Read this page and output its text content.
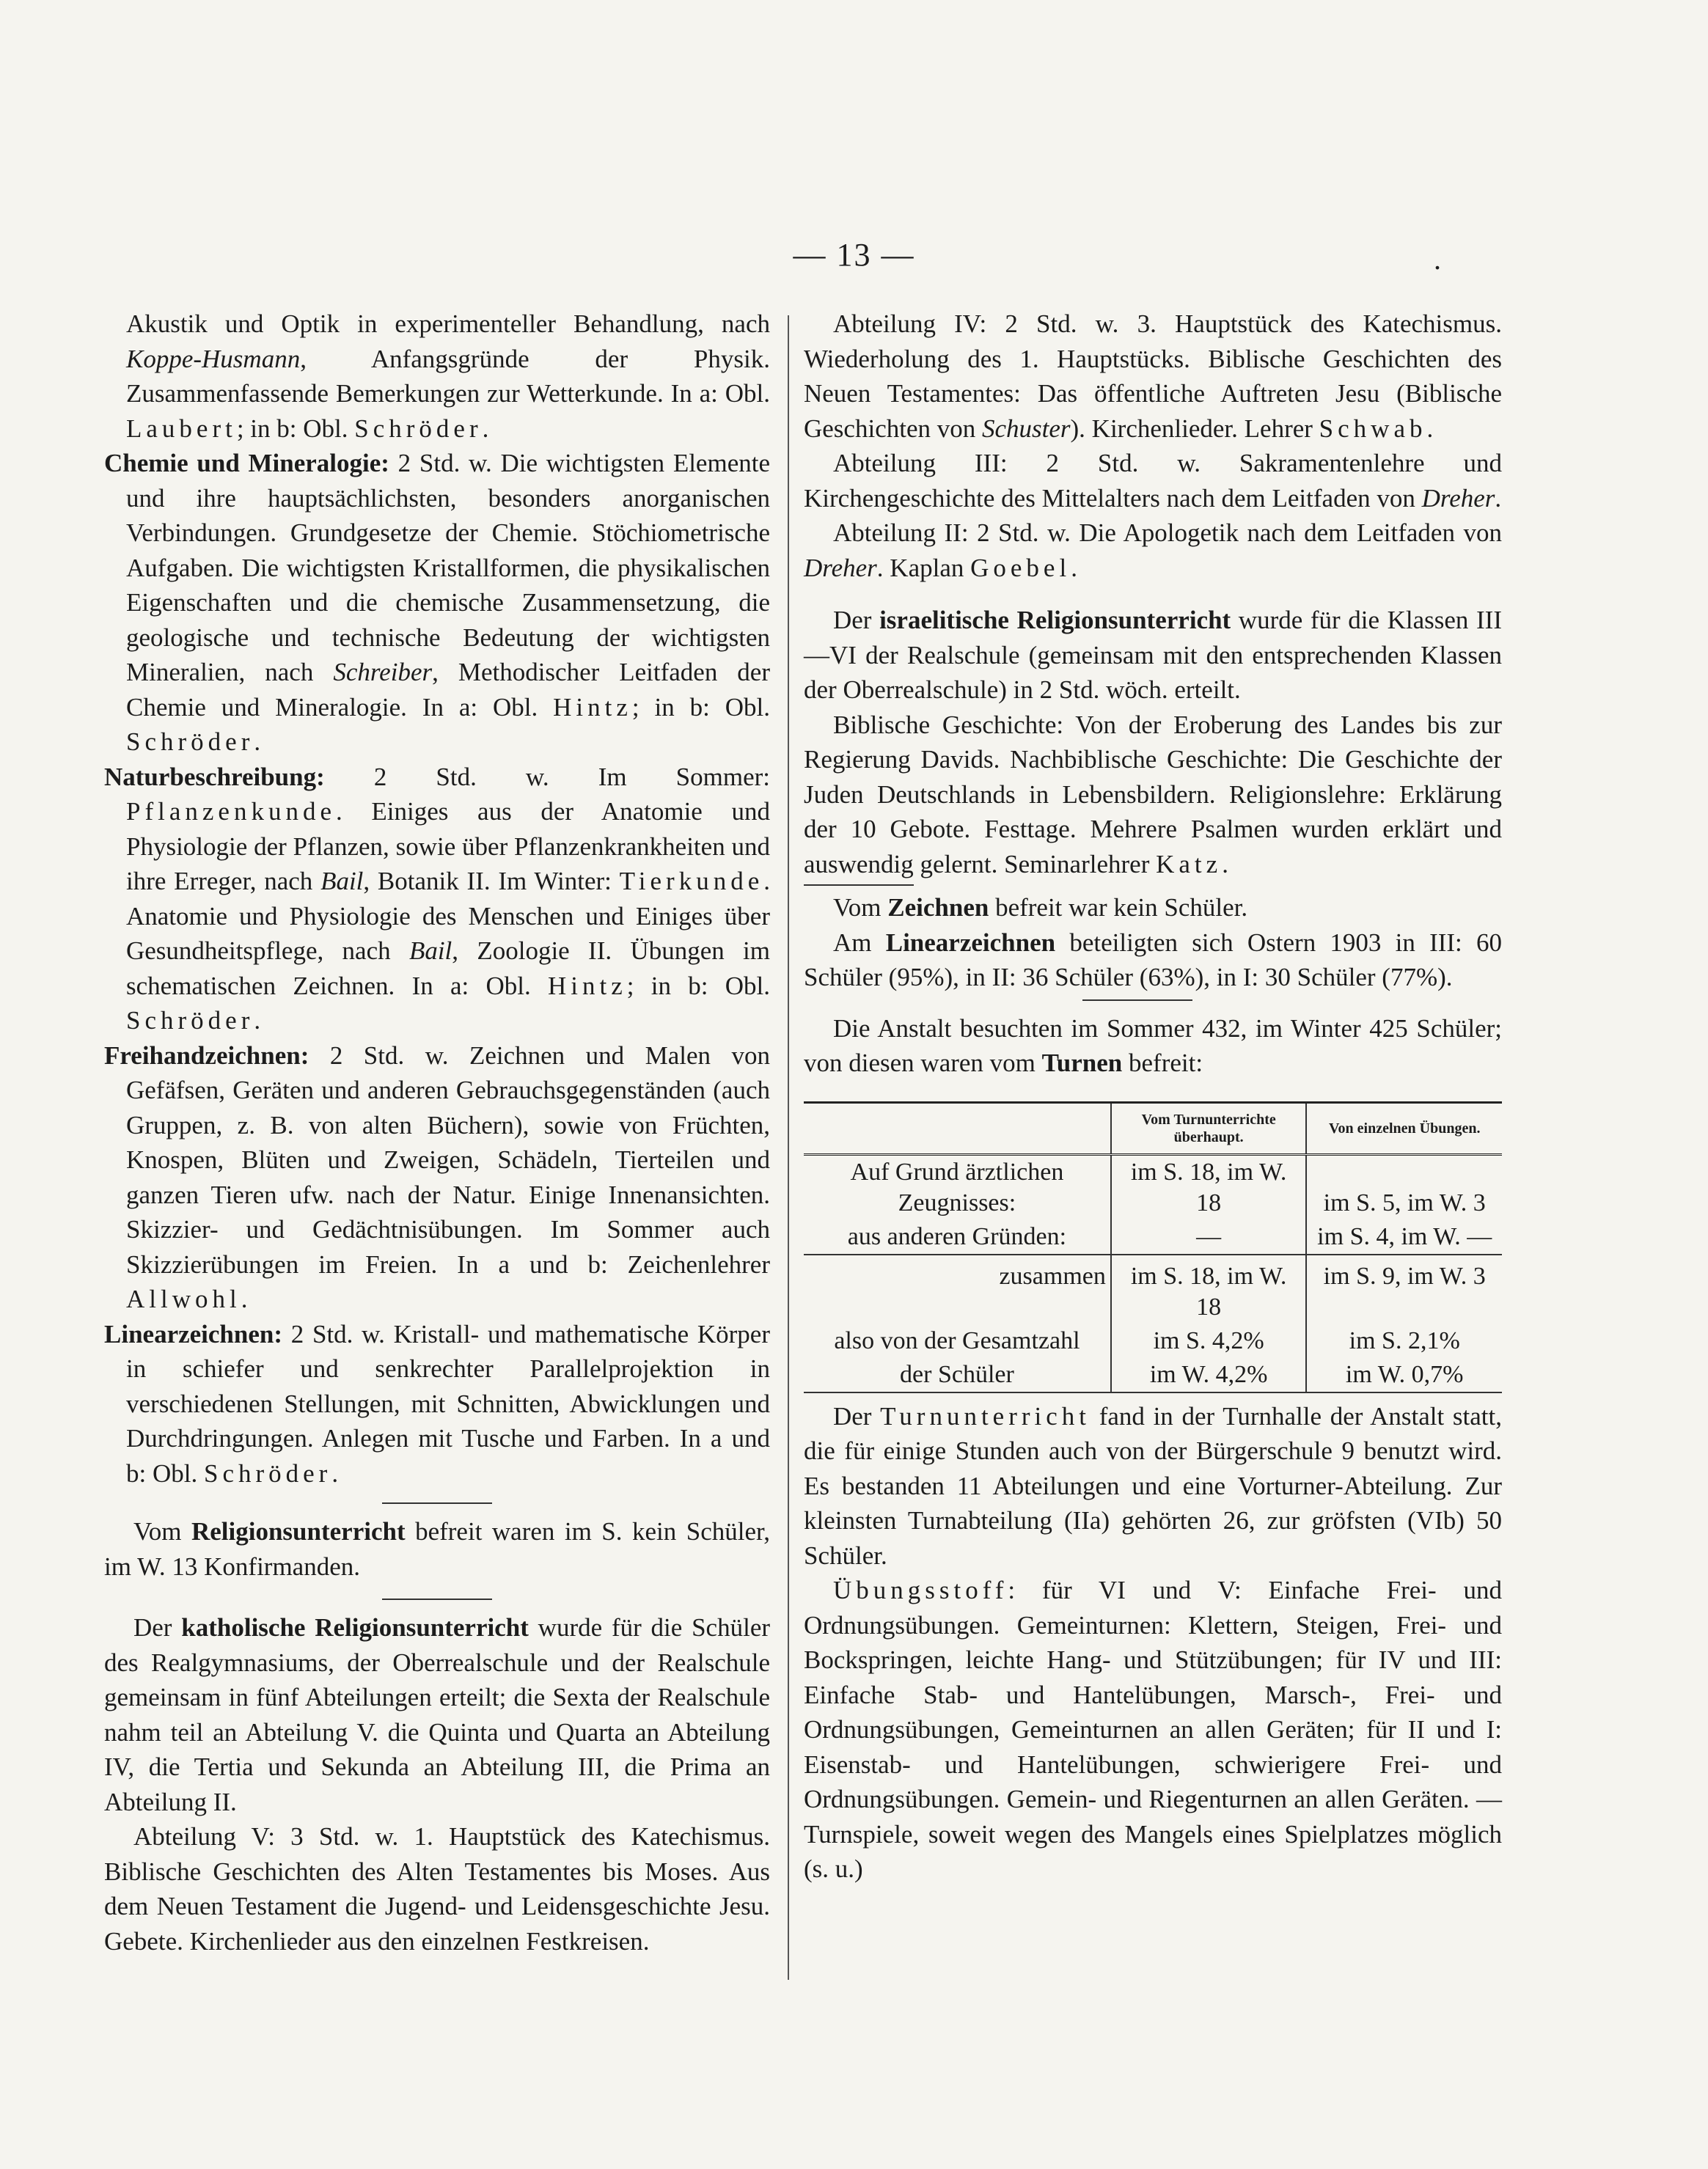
— 13 —	.

Akustik und Optik in experimenteller Behandlung, nach Koppe-Husmann, Anfangsgründe der Physik. Zusammenfassende Bemerkungen zur Wetterkunde. In a: Obl. Laubert; in b: Obl. Schröder.

Chemie und Mineralogie: 2 Std. w. Die wichtigsten Elemente und ihre hauptsächlichsten, besonders anorganischen Verbindungen. Grundgesetze der Chemie. Stöchiometrische Aufgaben. Die wichtigsten Kristallformen, die physikalischen Eigenschaften und die chemische Zusammensetzung, die geologische und technische Bedeutung der wichtigsten Mineralien, nach Schreiber, Methodischer Leitfaden der Chemie und Mineralogie. In a: Obl. Hintz; in b: Obl. Schröder.

Naturbeschreibung: 2 Std. w. Im Sommer: Pflanzenkunde. Einiges aus der Anatomie und Physiologie der Pflanzen, sowie über Pflanzenkrankheiten und ihre Erreger, nach Bail, Botanik II. Im Winter: Tierkunde. Anatomie und Physiologie des Menschen und Einiges über Gesundheitspflege, nach Bail, Zoologie II. Übungen im schematischen Zeichnen. In a: Obl. Hintz; in b: Obl. Schröder.

Freihandzeichnen: 2 Std. w. Zeichnen und Malen von Gefäfsen, Geräten und anderen Gebrauchsgegenständen (auch Gruppen, z. B. von alten Büchern), sowie von Früchten, Knospen, Blüten und Zweigen, Schädeln, Tierteilen und ganzen Tieren ufw. nach der Natur. Einige Innenansichten. Skizzier- und Gedächtnisübungen. Im Sommer auch Skizzierübungen im Freien. In a und b: Zeichenlehrer Allwohl.

Linearzeichnen: 2 Std. w. Kristall- und mathematische Körper in schiefer und senkrechter Parallelprojektion in verschiedenen Stellungen, mit Schnitten, Abwicklungen und Durchdringungen. Anlegen mit Tusche und Farben. In a und b: Obl. Schröder.

Vom Religionsunterricht befreit waren im S. kein Schüler, im W. 13 Konfirmanden.

Der katholische Religionsunterricht wurde für die Schüler des Realgymnasiums, der Oberrealschule und der Realschule gemeinsam in fünf Abteilungen erteilt; die Sexta der Realschule nahm teil an Abteilung V. die Quinta und Quarta an Abteilung IV, die Tertia und Sekunda an Abteilung III, die Prima an Abteilung II.

Abteilung V: 3 Std. w. 1. Hauptstück des Katechismus. Biblische Geschichten des Alten Testamentes bis Moses. Aus dem Neuen Testament die Jugend- und Leidensgeschichte Jesu. Gebete. Kirchenlieder aus den einzelnen Festkreisen.

Abteilung IV: 2 Std. w. 3. Hauptstück des Katechismus. Wiederholung des 1. Hauptstücks. Biblische Geschichten des Neuen Testamentes: Das öffentliche Auftreten Jesu (Biblische Geschichten von Schuster). Kirchenlieder. Lehrer Schwab.

Abteilung III: 2 Std. w. Sakramentenlehre und Kirchengeschichte des Mittelalters nach dem Leitfaden von Dreher.

Abteilung II: 2 Std. w. Die Apologetik nach dem Leitfaden von Dreher. Kaplan Goebel.

Der israelitische Religionsunterricht wurde für die Klassen III—VI der Realschule (gemeinsam mit den entsprechenden Klassen der Oberrealschule) in 2 Std. wöch. erteilt.

Biblische Geschichte: Von der Eroberung des Landes bis zur Regierung Davids. Nachbiblische Geschichte: Die Geschichte der Juden Deutschlands in Lebensbildern. Religionslehre: Erklärung der 10 Gebote. Festtage. Mehrere Psalmen wurden erklärt und auswendig gelernt. Seminarlehrer Katz.

Vom Zeichnen befreit war kein Schüler.

Am Linearzeichnen beteiligten sich Ostern 1903 in III: 60 Schüler (95%), in II: 36 Schüler (63%), in I: 30 Schüler (77%).

Die Anstalt besuchten im Sommer 432, im Winter 425 Schüler; von diesen waren vom Turnen befreit:

	Vom Turnunterrichte überhaupt.	Von einzelnen Übungen.
Auf Grund ärztlichen Zeugnisses:	im S. 18, im W. 18	im S. 5, im W. 3
aus anderen Gründen:	—	im S. 4, im W. —
zusammen	im S. 18, im W. 18	im S. 9, im W. 3
also von der Gesamtzahl	im S. 4,2%	im S. 2,1%
der Schüler	im W. 4,2%	im W. 0,7%

Der Turnunterricht fand in der Turnhalle der Anstalt statt, die für einige Stunden auch von der Bürgerschule 9 benutzt wird. Es bestanden 11 Abteilungen und eine Vorturner-Abteilung. Zur kleinsten Turnabteilung (IIa) gehörten 26, zur gröfsten (VIb) 50 Schüler.

Übungsstoff: für VI und V: Einfache Frei- und Ordnungsübungen. Gemeinturnen: Klettern, Steigen, Frei- und Bockspringen, leichte Hang- und Stützübungen; für IV und III: Einfache Stab- und Hantelübungen, Marsch-, Frei- und Ordnungsübungen, Gemeinturnen an allen Geräten; für II und I: Eisenstab- und Hantelübungen, schwierigere Frei- und Ordnungsübungen. Gemein- und Riegenturnen an allen Geräten. — Turnspiele, soweit wegen des Mangels eines Spielplatzes möglich (s. u.)
